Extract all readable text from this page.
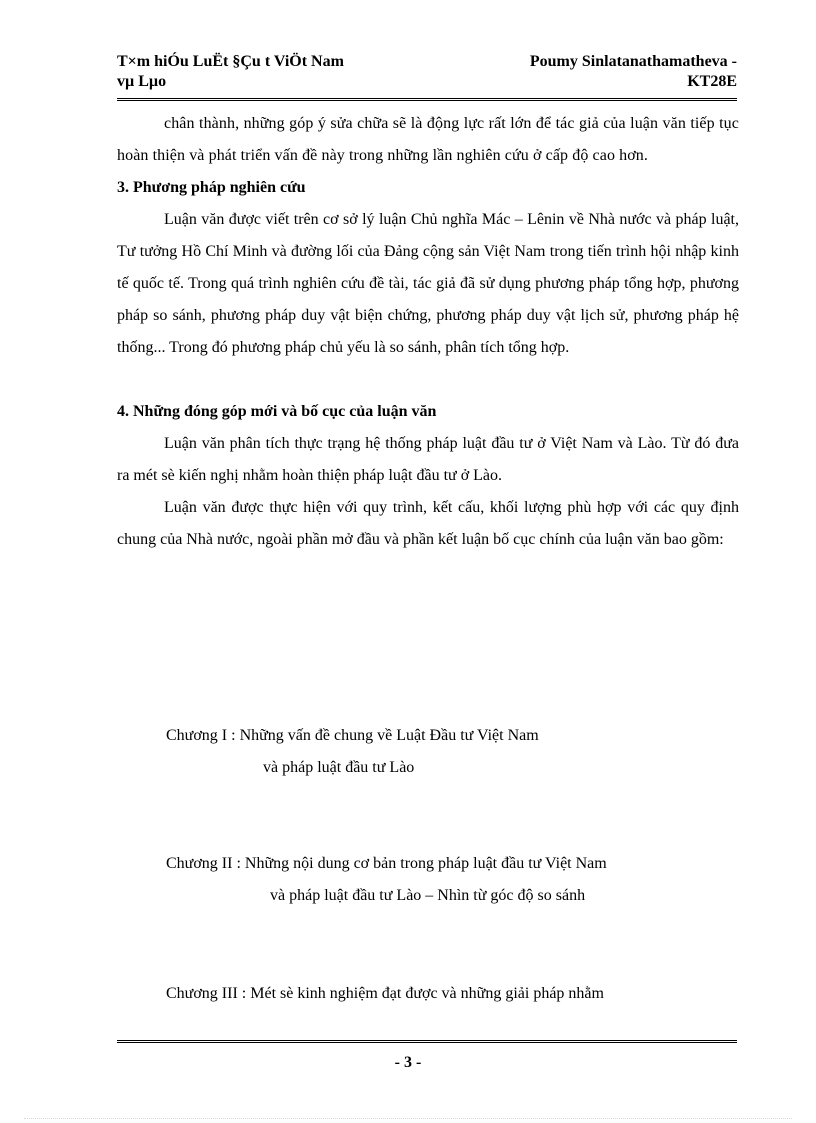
T×m hiÓu LuËt §Çu t ViÖt Nam
vµ Lµo
Poumy Sinlatanathamatheva -
KT28E

chân thành, những góp ý sửa chữa sẽ là động lực rất lớn để tác giả của luận văn tiếp tục hoàn thiện và phát triển vấn đề này trong những lần nghiên cứu ở cấp độ cao hơn.

3. Phương pháp nghiên cứu

Luận văn được viết trên cơ sở lý luận Chủ nghĩa Mác – Lênin về Nhà nước và pháp luật, Tư tưởng Hồ Chí Minh và đường lối của Đảng cộng sản Việt Nam trong tiến trình hội nhập kinh tế quốc tế. Trong quá trình nghiên cứu đề tài, tác giả đã sử dụng phương pháp tổng hợp, phương pháp so sánh, phương pháp duy vật biện chứng, phương pháp duy vật lịch sử, phương pháp hệ thống... Trong đó phương pháp chủ yếu là so sánh, phân tích tổng hợp.

4. Những đóng góp mới và bố cục của luận văn

Luận văn phân tích thực trạng hệ thống pháp luật đầu tư ở Việt Nam và Lào. Từ đó đưa ra mét sè kiến nghị nhằm hoàn thiện pháp luật đầu tư ở Lào.

Luận văn được thực hiện với quy trình, kết cấu, khối lượng phù hợp với các quy định chung của Nhà nước, ngoài phần mở đầu và phần kết luận bố cục chính của luận văn bao gồm:

Chương I : Những vấn đề chung về Luật Đầu tư Việt Nam
và pháp luật đầu tư Lào
Chương II : Những nội dung cơ bản trong pháp luật đầu tư Việt Nam
và pháp luật đầu tư Lào – Nhìn từ góc độ so sánh
Chương III : Mét sè kinh nghiệm đạt được và những giải pháp nhằm
- 3 -
